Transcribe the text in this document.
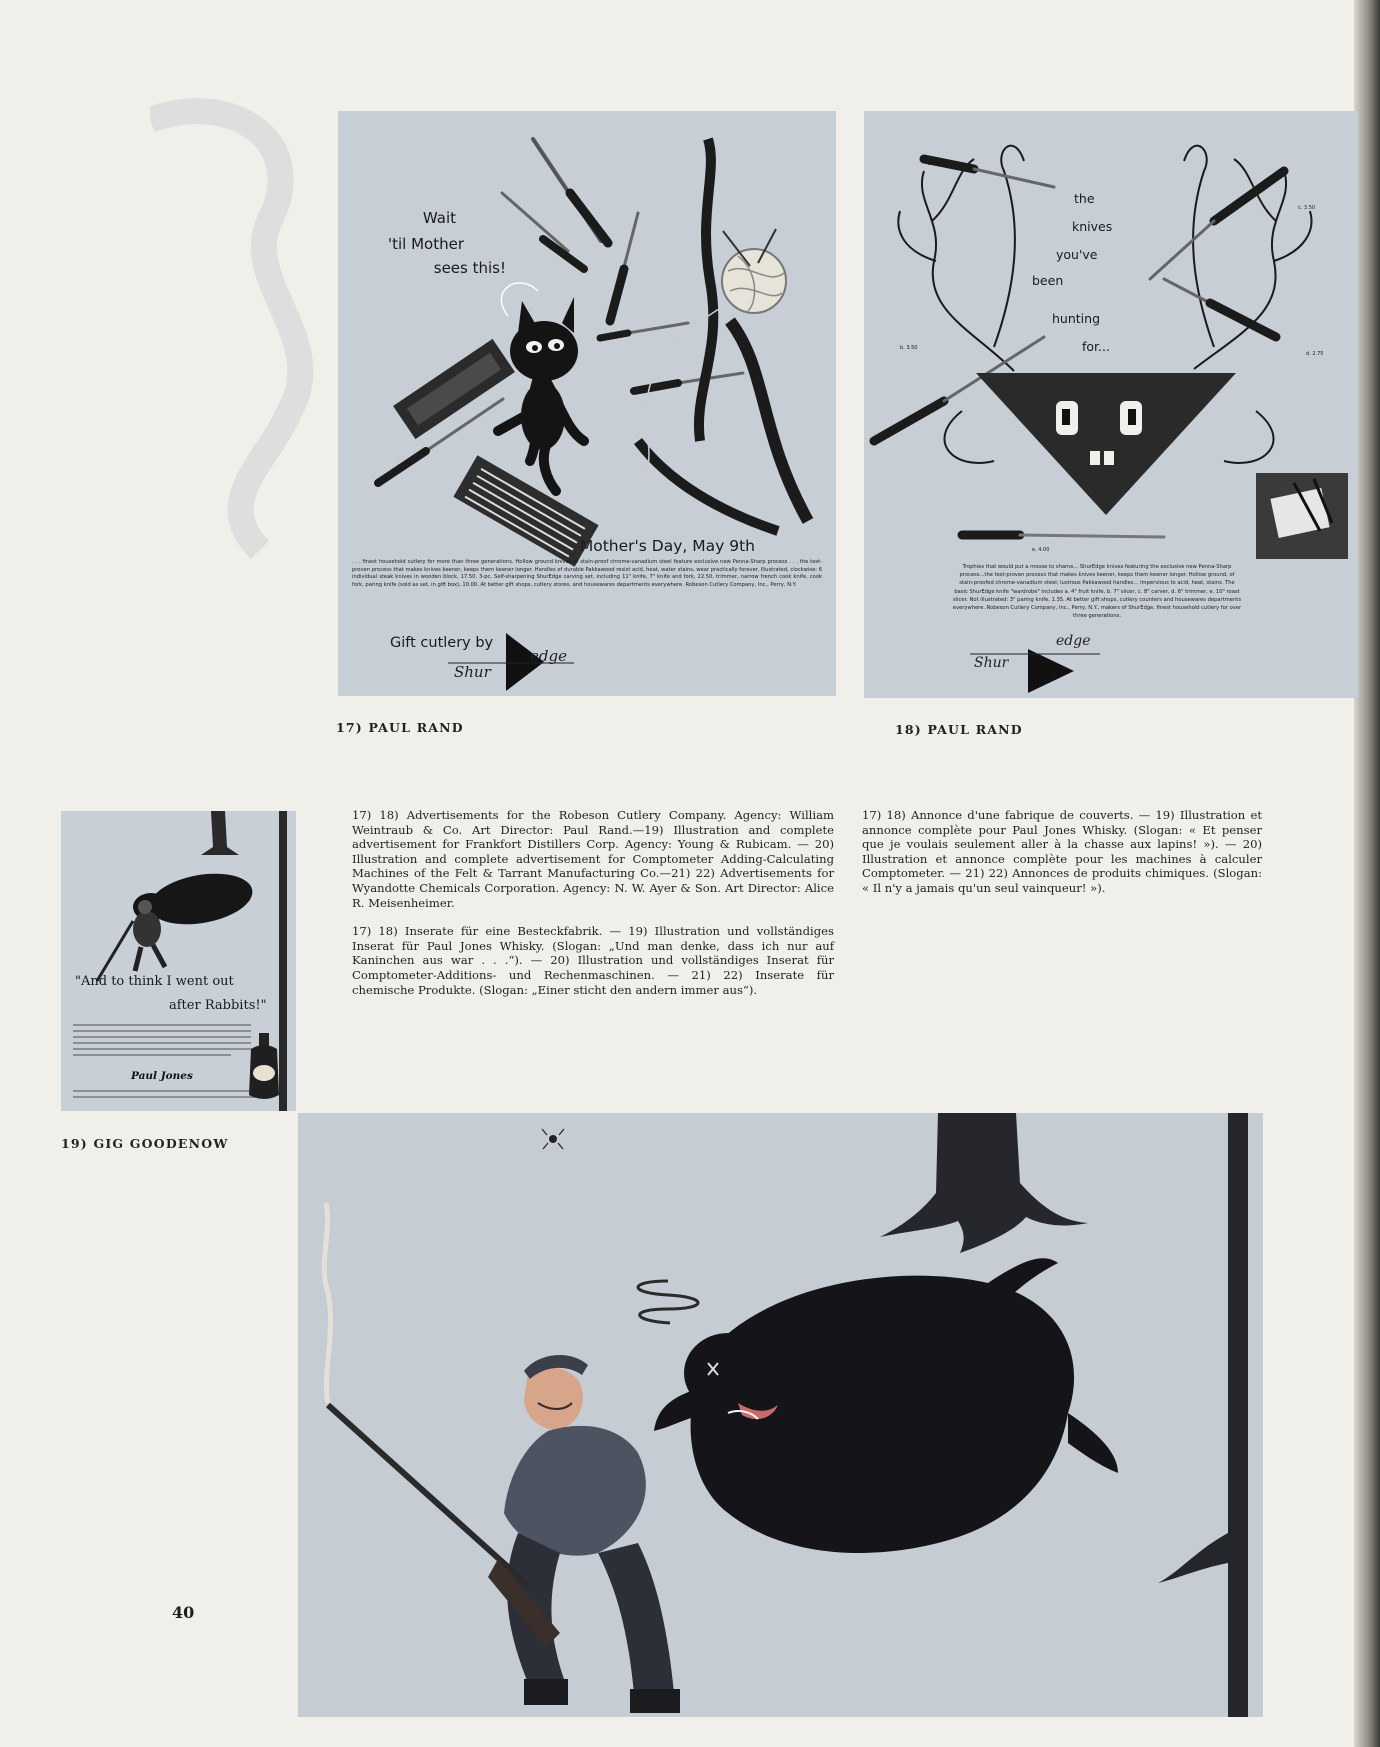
Wait
'til Mother
sees this!
Mother's Day, May 9th
. . . finest household cutlery for more than three generations. Hollow ground knives of stain-proof chrome-vanadium steel feature exclusive new Penna-Sharp process . . . the test-proven process that makes knives keener, keeps them keener longer. Handles of durable Pakkawood resist acid, heat, water stains, wear practically forever. Illustrated, clockwise: 6 individual steak knives in wooden block, 17.50. 3-pc. Self-sharpening ShurEdge carving set, including 11" knife, 7" knife and fork, 22.50, trimmer, narrow french cook knife, cook fork, paring knife (sold as set, in gift box), 10.00. At better gift shops, cutlery stores, and housewares departments everywhere. Robeson Cutlery Company, Inc., Perry, N.Y.
Gift cutlery by
Shur
edge

17) PAUL RAND

the
knives
you've
been
hunting
for...
a. 1.50
b. 3.50
c. 3.50
d. 2.75
e. 4.00
Trophies that would put a moose to shame... ShurEdge knives featuring the exclusive new Penna-Sharp process...the test-proven process that makes knives keener, keeps them keener longer. Hollow ground, of stain-proofed chrome-vanadium steel; lustrous Pakkawood handles... impervious to acid, heat, stains. The basic ShurEdge knife "wardrobe" includes a. 4" fruit knife, b. 7" slicer, c. 8" carver, d. 6" trimmer, e. 10" roast slicer. Not illustrated: 3" paring knife, 1.35. At better gift shops, cutlery counters and housewares departments everywhere. Robeson Cutlery Company, Inc., Perry, N.Y., makers of ShurEdge, finest household cutlery for over three generations.
Shur
edge

18) PAUL RAND

"And to think I went out
after Rabbits!"
Paul Jones

19) GIG GOODENOW

17) 18) Advertisements for the Robeson Cutlery Company. Agency: William Weintraub & Co. Art Director: Paul Rand.—19) Illustration and complete advertisement for Frankfort Distillers Corp. Agency: Young & Rubicam. — 20) Illustration and complete advertisement for Comptometer Adding-Calculating Machines of the Felt & Tarrant Manufacturing Co.—21) 22) Advertisements for Wyandotte Chemicals Corporation. Agency: N. W. Ayer & Son. Art Director: Alice R. Meisenheimer.

17) 18) Inserate für eine Besteckfabrik. — 19) Illustration und vollständiges Inserat für Paul Jones Whisky. (Slogan: „Und man denke, dass ich nur auf Kaninchen aus war . . .“). — 20) Illustration und vollständiges Inserat für Comptometer-Additions- und Rechenmaschinen. — 21) 22) Inserate für chemische Produkte. (Slogan: „Einer sticht den andern immer aus“).

17) 18) Annonce d'une fabrique de couverts. — 19) Illustration et annonce complète pour Paul Jones Whisky. (Slogan: « Et penser que je voulais seulement aller à la chasse aux lapins! »). — 20) Illustration et annonce complète pour les machines à calculer Comptometer. — 21) 22) Annonces de produits chimiques. (Slogan: « Il n'y a jamais qu'un seul vainqueur! »).

40
